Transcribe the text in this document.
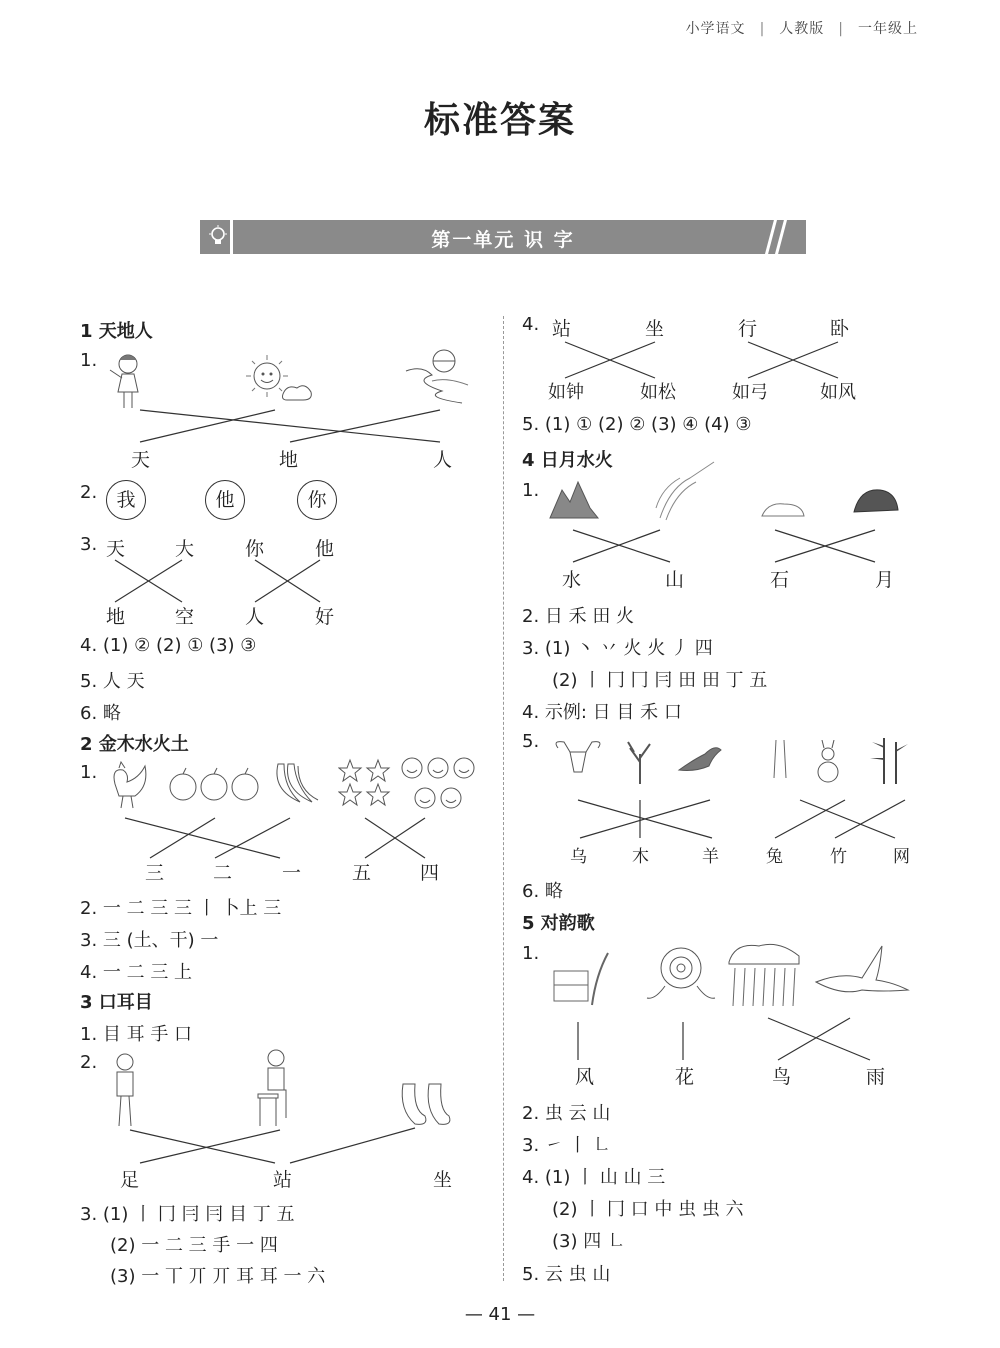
小学语文 | 人教版 | 一年级上
标准答案
第一单元 识 字
1 天地人
1.
天	地	人
2.	我	他	你
3. 天	大	你	他
地	空	人	好
4. (1) ② (2) ① (3) ③
5. 人 天
6. 略
2 金木水火土
1.
三	二	一	五	四
2. 一 二 三 三 丨 卜上 三
3. 三 (土、干) 一
4. 一 二 三 上
3 口耳目
1. 目 耳 手 口
2.
足	站	坐
3. (1) 丨 冂 冃 冃 目 丁 五
(2) 一 二 三 手 一 四
(3) 一 丅 丌 丌 耳 耳 一 六
4. 站	坐	行	卧
如钟	如松	如弓	如风
5. (1) ① (2) ② (3) ④ (4) ③
4 日月水火
1.
水	山	石	月
2. 日 禾 田 火
3. (1) 丶 丷 火 火 丿 四
(2) 丨 冂 冂 冃 田 田 丁 五
4. 示例: 日 目 禾 口
5.
乌	木	羊	兔	竹	网
6. 略
5 对韵歌
1.
风	花	鸟	雨
2. 虫 云 山
3. ㇀ 丨 ㇗
4. (1) 丨 山 山 三
(2) 丨 冂 口 中 虫 虫 六
(3) 四 ㇗
5. 云 虫 山
— 41 —
